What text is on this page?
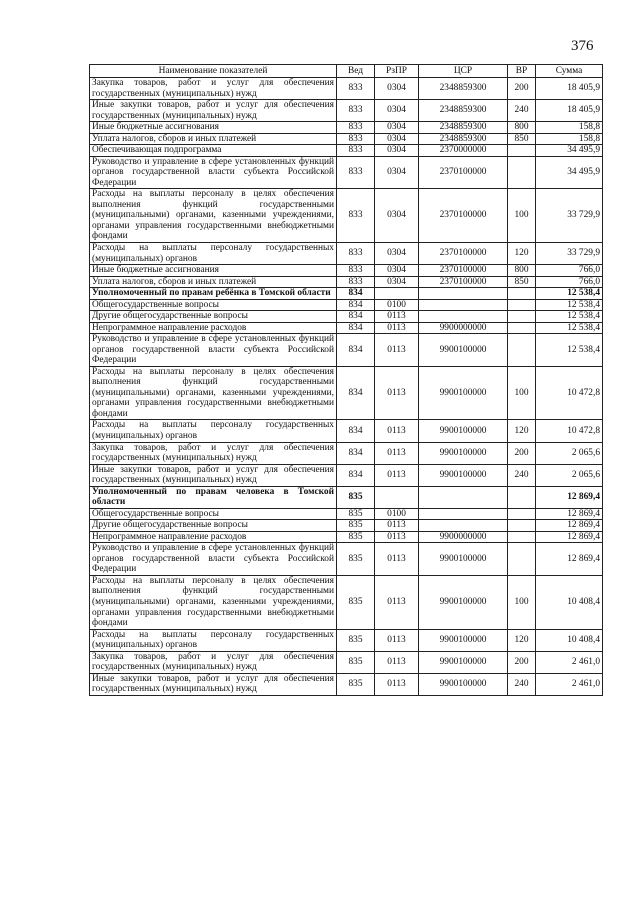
376
Наименование показателей	Вед	РзПР	ЦСР	ВР	Сумма
Закупка товаров, работ и услуг для обеспечения государственных (муниципальных) нужд	833	0304	2348859300	200	18 405,9
Иные закупки товаров, работ и услуг для обеспечения государственных (муниципальных) нужд	833	0304	2348859300	240	18 405,9
Иные бюджетные ассигнования	833	0304	2348859300	800	158,8
Уплата налогов, сборов и иных платежей	833	0304	2348859300	850	158,8
Обеспечивающая подпрограмма	833	0304	2370000000		34 495,9
Руководство и управление в сфере установленных функций органов государственной власти субъекта Российской Федерации	833	0304	2370100000		34 495,9
Расходы на выплаты персоналу в целях обеспечения выполнения функций государственными (муниципальными) органами, казенными учреждениями, органами управления государственными внебюджетными фондами	833	0304	2370100000	100	33 729,9
Расходы на выплаты персоналу государственных (муниципальных) органов	833	0304	2370100000	120	33 729,9
Иные бюджетные ассигнования	833	0304	2370100000	800	766,0
Уплата налогов, сборов и иных платежей	833	0304	2370100000	850	766,0
Уполномоченный по правам ребёнка в Томской области	834				12 538,4
Общегосударственные вопросы	834	0100			12 538,4
Другие общегосударственные вопросы	834	0113			12 538,4
Непрограммное направление расходов	834	0113	9900000000		12 538,4
Руководство и управление в сфере установленных функций органов государственной власти субъекта Российской Федерации	834	0113	9900100000		12 538,4
Расходы на выплаты персоналу в целях обеспечения выполнения функций государственными (муниципальными) органами, казенными учреждениями, органами управления государственными внебюджетными фондами	834	0113	9900100000	100	10 472,8
Расходы на выплаты персоналу государственных (муниципальных) органов	834	0113	9900100000	120	10 472,8
Закупка товаров, работ и услуг для обеспечения государственных (муниципальных) нужд	834	0113	9900100000	200	2 065,6
Иные закупки товаров, работ и услуг для обеспечения государственных (муниципальных) нужд	834	0113	9900100000	240	2 065,6
Уполномоченный по правам человека в Томской области	835				12 869,4
Общегосударственные вопросы	835	0100			12 869,4
Другие общегосударственные вопросы	835	0113			12 869,4
Непрограммное направление расходов	835	0113	9900000000		12 869,4
Руководство и управление в сфере установленных функций органов государственной власти субъекта Российской Федерации	835	0113	9900100000		12 869,4
Расходы на выплаты персоналу в целях обеспечения выполнения функций государственными (муниципальными) органами, казенными учреждениями, органами управления государственными внебюджетными фондами	835	0113	9900100000	100	10 408,4
Расходы на выплаты персоналу государственных (муниципальных) органов	835	0113	9900100000	120	10 408,4
Закупка товаров, работ и услуг для обеспечения государственных (муниципальных) нужд	835	0113	9900100000	200	2 461,0
Иные закупки товаров, работ и услуг для обеспечения государственных (муниципальных) нужд	835	0113	9900100000	240	2 461,0
